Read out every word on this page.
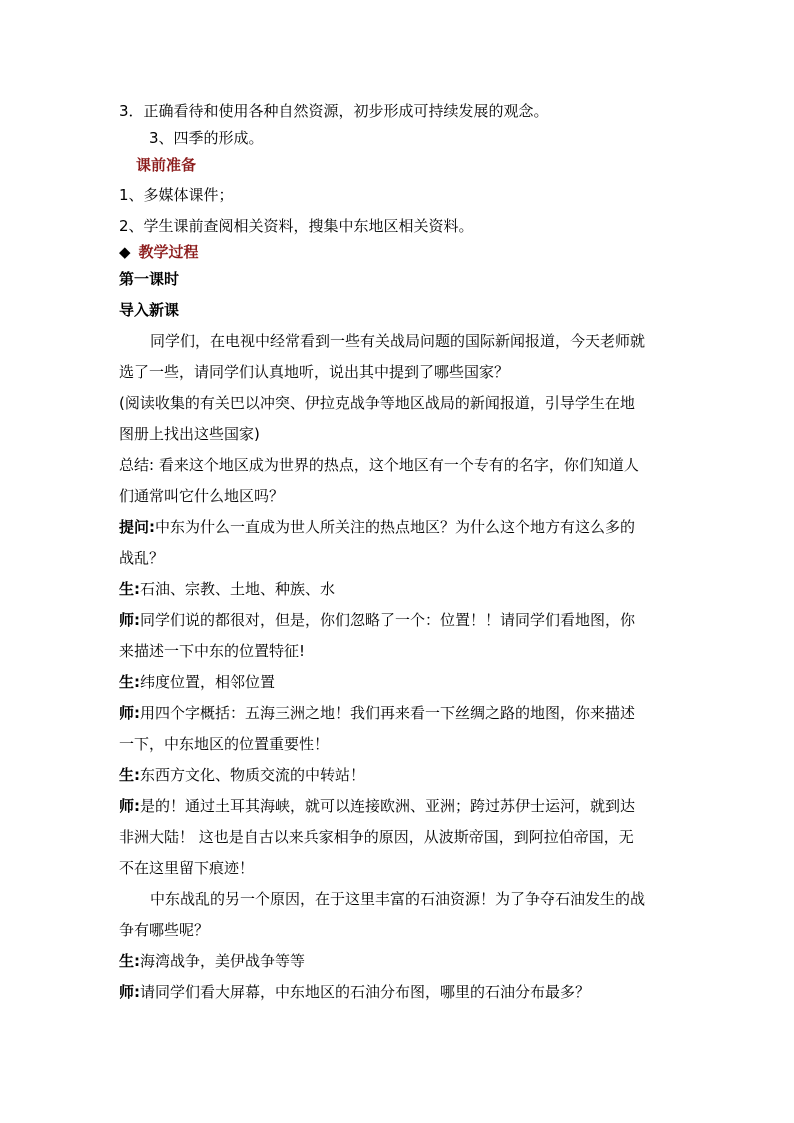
3．正确看待和使用各种自然资源，初步形成可持续发展的观念。
3、四季的形成。
课前准备
1、多媒体课件；
2、学生课前查阅相关资料，搜集中东地区相关资料。
◆ 教学过程
第一课时
导入新课
同学们，在电视中经常看到一些有关战局问题的国际新闻报道，今天老师就
选了一些，请同学们认真地听，说出其中提到了哪些国家？
(阅读收集的有关巴以冲突、伊拉克战争等地区战局的新闻报道，引导学生在地
图册上找出这些国家)
总结: 看来这个地区成为世界的热点，这个地区有一个专有的名字，你们知道人
们通常叫它什么地区吗？
提问:中东为什么一直成为世人所关注的热点地区？为什么这个地方有这么多的
战乱？
生:石油、宗教、土地、种族、水
师:同学们说的都很对，但是，你们忽略了一个：位置！！请同学们看地图，你
来描述一下中东的位置特征!
生:纬度位置，相邻位置
师:用四个字概括：五海三洲之地！我们再来看一下丝绸之路的地图，你来描述
一下，中东地区的位置重要性！
生:东西方文化、物质交流的中转站！
师:是的！通过土耳其海峡，就可以连接欧洲、亚洲；跨过苏伊士运河，就到达
非洲大陆！ 这也是自古以来兵家相争的原因，从波斯帝国，到阿拉伯帝国，无
不在这里留下痕迹！
中东战乱的另一个原因，在于这里丰富的石油资源！为了争夺石油发生的战
争有哪些呢？
生:海湾战争，美伊战争等等
师:请同学们看大屏幕，中东地区的石油分布图，哪里的石油分布最多？
